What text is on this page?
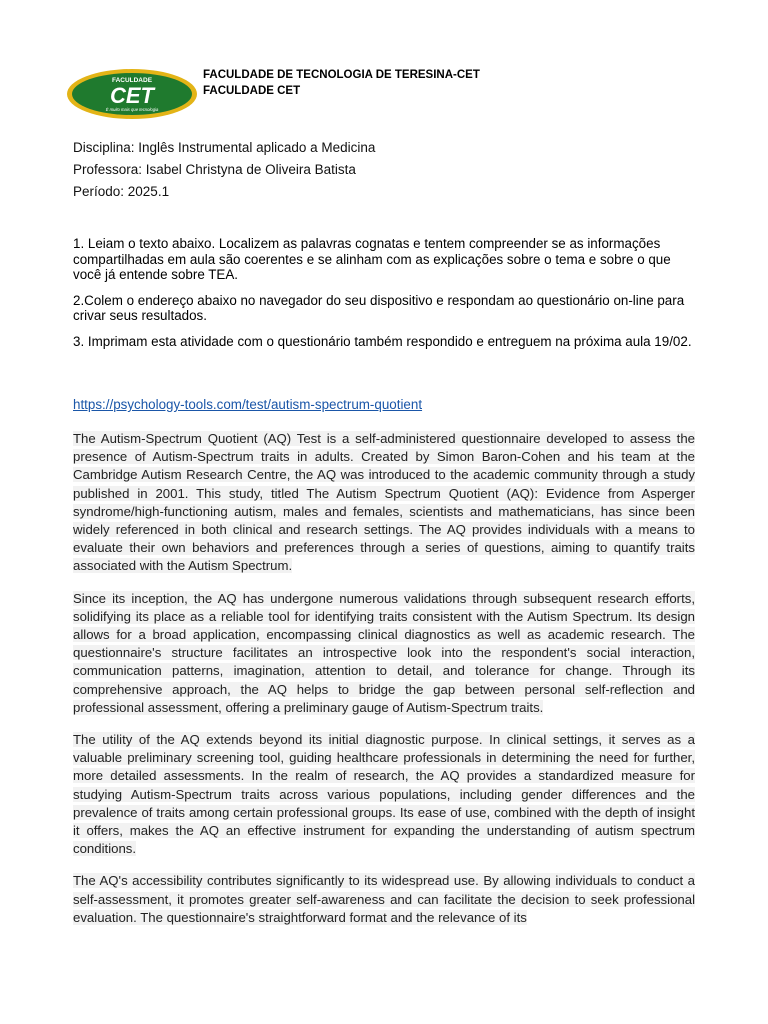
FACULDADE
CET
É muito mais que tecnologia
FACULDADE DE TECNOLOGIA DE TERESINA-CET
FACULDADE CET
Disciplina: Inglês Instrumental aplicado a Medicina
Professora: Isabel Christyna de Oliveira Batista
Período: 2025.1

1. Leiam o texto abaixo. Localizem as palavras cognatas e tentem compreender se as informações compartilhadas em aula são coerentes e se alinham com as explicações sobre o tema e sobre o que você já entende sobre TEA.

2.Colem o endereço abaixo no navegador do seu dispositivo e respondam ao questionário on-line para crivar seus resultados.

3. Imprimam esta atividade com o questionário também respondido e entreguem na próxima aula 19/02.

https://psychology-tools.com/test/autism-spectrum-quotient

The Autism-Spectrum Quotient (AQ) Test is a self-administered questionnaire developed to assess the presence of Autism-Spectrum traits in adults. Created by Simon Baron-Cohen and his team at the Cambridge Autism Research Centre, the AQ was introduced to the academic community through a study published in 2001. This study, titled The Autism Spectrum Quotient (AQ): Evidence from Asperger syndrome/high-functioning autism, males and females, scientists and mathematicians, has since been widely referenced in both clinical and research settings. The AQ provides individuals with a means to evaluate their own behaviors and preferences through a series of questions, aiming to quantify traits associated with the Autism Spectrum.

Since its inception, the AQ has undergone numerous validations through subsequent research efforts, solidifying its place as a reliable tool for identifying traits consistent with the Autism Spectrum. Its design allows for a broad application, encompassing clinical diagnostics as well as academic research. The questionnaire's structure facilitates an introspective look into the respondent's social interaction, communication patterns, imagination, attention to detail, and tolerance for change. Through its comprehensive approach, the AQ helps to bridge the gap between personal self-reflection and professional assessment, offering a preliminary gauge of Autism-Spectrum traits.

The utility of the AQ extends beyond its initial diagnostic purpose. In clinical settings, it serves as a valuable preliminary screening tool, guiding healthcare professionals in determining the need for further, more detailed assessments. In the realm of research, the AQ provides a standardized measure for studying Autism-Spectrum traits across various populations, including gender differences and the prevalence of traits among certain professional groups. Its ease of use, combined with the depth of insight it offers, makes the AQ an effective instrument for expanding the understanding of autism spectrum conditions.

The AQ's accessibility contributes significantly to its widespread use. By allowing individuals to conduct a self-assessment, it promotes greater self-awareness and can facilitate the decision to seek professional evaluation. The questionnaire's straightforward format and the relevance of its
